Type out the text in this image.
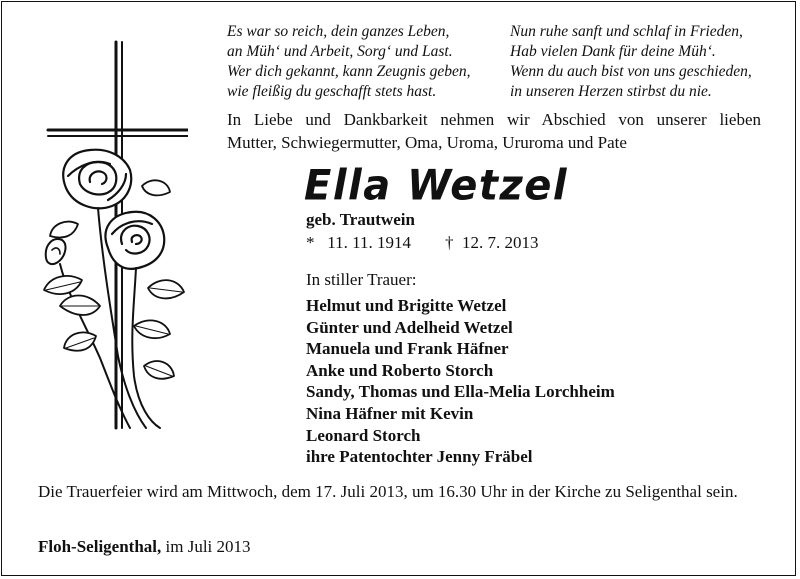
Es war so reich, dein ganzes Leben,
an Müh‘ und Arbeit, Sorg‘ und Last.
Wer dich gekannt, kann Zeugnis geben,
wie fleißig du geschafft stets hast.
Nun ruhe sanft und schlaf in Frieden,
Hab vielen Dank für deine Müh‘.
Wenn du auch bist von uns geschieden,
in unseren Herzen stirbst du nie.
In Liebe und Dankbarkeit nehmen wir Abschied von unserer lieben
Mutter, Schwiegermutter, Oma, Uroma, Ururoma und Pate
Ella Wetzel
geb. Trautwein
* 11. 11. 1914 † 12. 7. 2013
In stiller Trauer:
Helmut und Brigitte Wetzel
Günter und Adelheid Wetzel
Manuela und Frank Häfner
Anke und Roberto Storch
Sandy, Thomas und Ella-Melia Lorchheim
Nina Häfner mit Kevin
Leonard Storch
ihre Patentochter Jenny Fräbel
Die Trauerfeier wird am Mittwoch, dem 17. Juli 2013, um 16.30 Uhr in der Kirche zu Seligenthal sein.
Floh-Seligenthal, im Juli 2013
